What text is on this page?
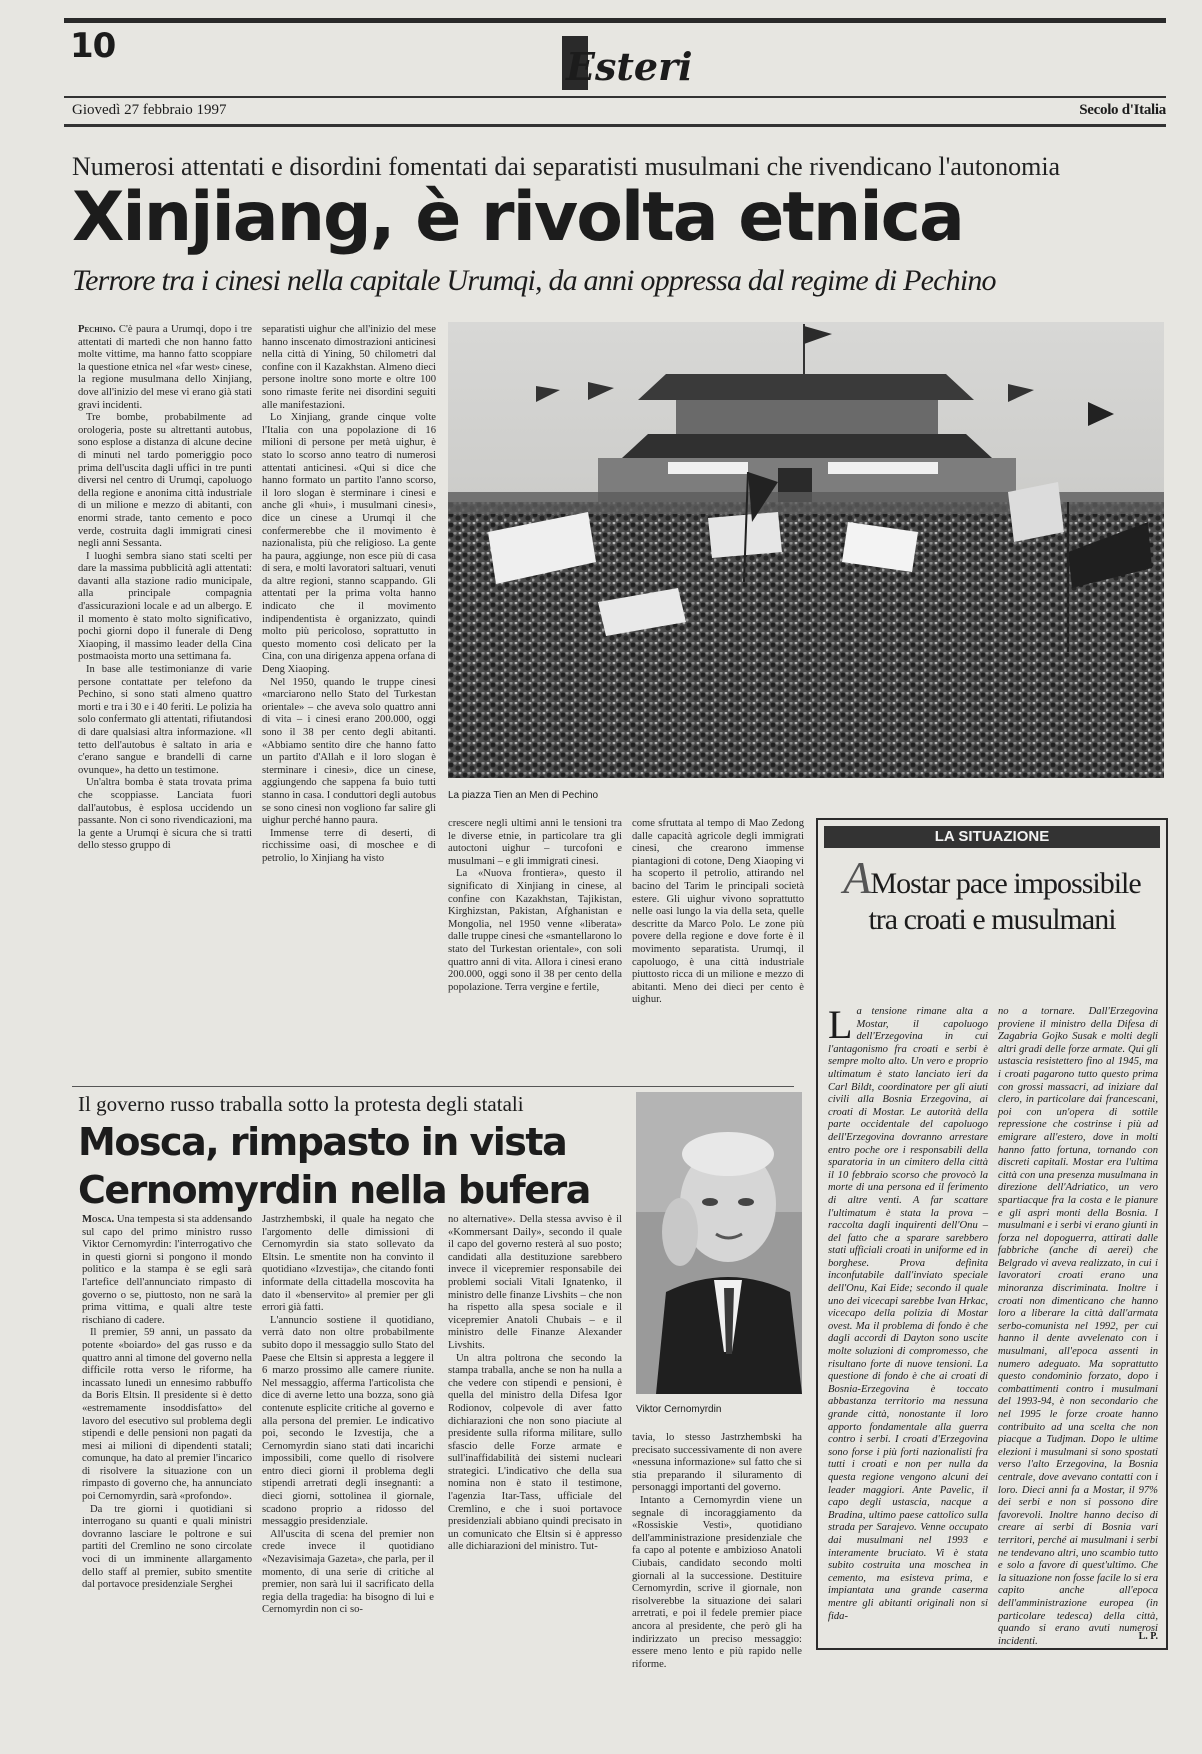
10	Esteri
Giovedì 27 febbraio 1997	Secolo d'Italia
Numerosi attentati e disordini fomentati dai separatisti musulmani che rivendicano l'autonomia
Xinjiang, è rivolta etnica
Terrore tra i cinesi nella capitale Urumqi, da anni oppressa dal regime di Pechino

Pechino. C'è paura a Urumqi, dopo i tre attentati di martedì che non hanno fatto molte vittime, ma hanno fatto scoppiare la questione etnica nel «far west» cinese, la regione musulmana dello Xinjiang, dove all'inizio del mese vi erano già stati gravi incidenti.

Tre bombe, probabilmente ad orologeria, poste su altrettanti autobus, sono esplose a distanza di alcune decine di minuti nel tardo pomeriggio poco prima dell'uscita dagli uffici in tre punti diversi nel centro di Urumqi, capoluogo della regione e anonima città industriale di un milione e mezzo di abitanti, con enormi strade, tanto cemento e poco verde, costruita dagli immigrati cinesi negli anni Sessanta.

I luoghi sembra siano stati scelti per dare la massima pubblicità agli attentati: davanti alla stazione radio municipale, alla principale compagnia d'assicurazioni locale e ad un albergo. E il momento è stato molto significativo, pochi giorni dopo il funerale di Deng Xiaoping, il massimo leader della Cina postmaoista morto una settimana fa.

In base alle testimonianze di varie persone contattate per telefono da Pechino, si sono stati almeno quattro morti e tra i 30 e i 40 feriti. Le polizia ha solo confermato gli attentati, rifiutandosi di dare qualsiasi altra informazione. «Il tetto dell'autobus è saltato in aria e c'erano sangue e brandelli di carne ovunque», ha detto un testimone.

Un'altra bomba è stata trovata prima che scoppiasse. Lanciata fuori dall'autobus, è esplosa uccidendo un passante. Non ci sono rivendicazioni, ma la gente a Urumqi è sicura che si tratti dello stesso gruppo di

separatisti uighur che all'inizio del mese hanno inscenato dimostrazioni anticinesi nella città di Yining, 50 chilometri dal confine con il Kazakhstan. Almeno dieci persone inoltre sono morte e oltre 100 sono rimaste ferite nei disordini seguiti alle manifestazioni.

Lo Xinjiang, grande cinque volte l'Italia con una popolazione di 16 milioni di persone per metà uighur, è stato lo scorso anno teatro di numerosi attentati anticinesi. «Qui si dice che hanno formato un partito l'anno scorso, il loro slogan è sterminare i cinesi e anche gli «hui», i musulmani cinesi», dice un cinese a Urumqi il che confermerebbe che il movimento è nazionalista, più che religioso. La gente ha paura, aggiunge, non esce più di casa di sera, e molti lavoratori saltuari, venuti da altre regioni, stanno scappando. Gli attentati per la prima volta hanno indicato che il movimento indipendentista è organizzato, quindi molto più pericoloso, soprattutto in questo momento così delicato per la Cina, con una dirigenza appena orfana di Deng Xiaoping.

Nel 1950, quando le truppe cinesi «marciarono nello Stato del Turkestan orientale» – che aveva solo quattro anni di vita – i cinesi erano 200.000, oggi sono il 38 per cento degli abitanti. «Abbiamo sentito dire che hanno fatto un partito d'Allah e il loro slogan è sterminare i cinesi», dice un cinese, aggiungendo che sappena fa buio tutti stanno in casa. I conduttori degli autobus se sono cinesi non vogliono far salire gli uighur perché hanno paura.

Immense terre di deserti, di ricchissime oasi, di moschee e di petrolio, lo Xinjiang ha visto

La piazza Tien an Men di Pechino

crescere negli ultimi anni le tensioni tra le diverse etnie, in particolare tra gli autoctoni uighur – turcofoni e musulmani – e gli immigrati cinesi.

La «Nuova frontiera», questo il significato di Xinjiang in cinese, al confine con Kazakhstan, Tajikistan, Kirghizstan, Pakistan, Afghanistan e Mongolia, nel 1950 venne «liberata» dalle truppe cinesi che «smantellarono lo stato del Turkestan orientale», con soli quattro anni di vita. Allora i cinesi erano 200.000, oggi sono il 38 per cento della popolazione. Terra vergine e fertile,

come sfruttata al tempo di Mao Zedong dalle capacità agricole degli immigrati cinesi, che crearono immense piantagioni di cotone, Deng Xiaoping vi ha scoperto il petrolio, attirando nel bacino del Tarim le principali società estere. Gli uighur vivono soprattutto nelle oasi lungo la via della seta, quelle descritte da Marco Polo. Le zone più povere della regione e dove forte è il movimento separatista. Urumqi, il capoluogo, è una città industriale piuttosto ricca di un milione e mezzo di abitanti. Meno dei dieci per cento è uighur.

LA SITUAZIONE
AMostar pace impossibile tra croati e musulmani

La tensione rimane alta a Mostar, il capoluogo dell'Erzegovina in cui l'antagonismo fra croati e serbi è sempre molto alto. Un vero e proprio ultimatum è stato lanciato ieri da Carl Bildt, coordinatore per gli aiuti civili alla Bosnia Erzegovina, ai croati di Mostar. Le autorità della parte occidentale del capoluogo dell'Erzegovina dovranno arrestare entro poche ore i responsabili della sparatoria in un cimitero della città il 10 febbraio scorso che provocò la morte di una persona ed il ferimento di altre venti. A far scattare l'ultimatum è stata la prova – raccolta dagli inquirenti dell'Onu – del fatto che a sparare sarebbero stati ufficiali croati in uniforme ed in borghese. Prova definita inconfutabile dall'inviato speciale dell'Onu, Kai Eide; secondo il quale uno dei vicecapi sarebbe Ivan Hrkac, vicecapo della polizia di Mostar ovest. Ma il problema di fondo è che dagli accordi di Dayton sono uscite molte soluzioni di compromesso, che risultano forte di nuove tensioni. La questione di fondo è che ai croati di Bosnia-Erzegovina è toccato abbastanza territorio ma nessuna grande città, nonostante il loro apporto fondamentale alla guerra contro i serbi. I croati d'Erzegovina sono forse i più forti nazionalisti fra tutti i croati e non per nulla da questa regione vengono alcuni dei leader maggiori. Ante Pavelic, il capo degli ustascia, nacque a Bradina, ultimo paese cattolico sulla strada per Sarajevo. Venne occupato dai musulmani nel 1993 e interamente bruciato. Vi è stata subito costruita una moschea in cemento, ma esisteva prima, e impiantata una grande caserma mentre gli abitanti originali non si fida-

no a tornare. Dall'Erzegovina proviene il ministro della Difesa di Zagabria Gojko Susak e molti degli altri gradi delle forze armate. Qui gli ustascia resistettero fino al 1945, ma i croati pagarono tutto questo prima con grossi massacri, ad iniziare dal clero, in particolare dai francescani, poi con un'opera di sottile repressione che costrinse i più ad emigrare all'estero, dove in molti hanno fatto fortuna, tornando con discreti capitali. Mostar era l'ultima città con una presenza musulmana in direzione dell'Adriatico, un vero spartiacque fra la costa e le pianure e gli aspri monti della Bosnia. I musulmani e i serbi vi erano giunti in forza nel dopoguerra, attirati dalle fabbriche (anche di aerei) che Belgrado vi aveva realizzato, in cui i lavoratori croati erano una minoranza discriminata. Inoltre i croati non dimenticano che hanno loro a liberare la città dall'armata serbo-comunista nel 1992, per cui hanno il dente avvelenato con i musulmani, all'epoca assenti in numero adeguato. Ma soprattutto questo condominio forzato, dopo i combattimenti contro i musulmani del 1993-94, è non secondario che nel 1995 le forze croate hanno contribuito ad una scelta che non piacque a Tudjman. Dopo le ultime elezioni i musulmani si sono spostati verso l'alto Erzegovina, la Bosnia centrale, dove avevano contatti con i loro. Dieci anni fa a Mostar, il 97% dei serbi e non si possono dire favorevoli. Inoltre hanno deciso di creare ai serbi di Bosnia vari territori, perché ai musulmani i serbi ne tendevano altri, uno scambio tutto e solo a favore di quest'ultimo. Che la situazione non fosse facile lo si era capito anche all'epoca dell'amministrazione europea (in particolare tedesca) della città, quando si erano avuti numerosi incidenti.	L. P.
Il governo russo traballa sotto la protesta degli statali
Mosca, rimpasto in vista
Cernomyrdin nella bufera
Viktor Cernomyrdin

Mosca. Una tempesta si sta addensando sul capo del primo ministro russo Viktor Cernomyrdin: l'interrogativo che in questi giorni si pongono il mondo politico e la stampa è se egli sarà l'artefice dell'annunciato rimpasto di governo o se, piuttosto, non ne sarà la prima vittima, e quali altre teste rischiano di cadere.

Il premier, 59 anni, un passato da potente «boiardo» del gas russo e da quattro anni al timone del governo nella difficile rotta verso le riforme, ha incassato lunedì un ennesimo rabbuffo da Boris Eltsin. Il presidente si è detto «estremamente insoddisfatto» del lavoro del esecutivo sul problema degli stipendi e delle pensioni non pagati da mesi ai milioni di dipendenti statali; comunque, ha dato al premier l'incarico di risolvere la situazione con un rimpasto di governo che, ha annunciato poi Cernomyrdin, sarà «profondo».

Da tre giorni i quotidiani si interrogano su quanti e quali ministri dovranno lasciare le poltrone e sui partiti del Cremlino ne sono circolate voci di un imminente allargamento dello staff al premier, subito smentite dal portavoce presidenziale Serghei

Jastrzhembski, il quale ha negato che l'argomento delle dimissioni di Cernomyrdin sia stato sollevato da Eltsin. Le smentite non ha convinto il quotidiano «Izvestija», che citando fonti informate della cittadella moscovita ha dato il «benservito» al premier per gli errori già fatti.

L'annuncio sostiene il quotidiano, verrà dato non oltre probabilmente subito dopo il messaggio sullo Stato del Paese che Eltsin si appresta a leggere il 6 marzo prossimo alle camere riunite. Nel messaggio, afferma l'articolista che dice di averne letto una bozza, sono già contenute esplicite critiche al governo e alla persona del premier. Le indicativo poi, secondo le Izvestija, che a Cernomyrdin siano stati dati incarichi impossibili, come quello di risolvere entro dieci giorni il problema degli stipendi arretrati degli insegnanti: a dieci giorni, sottolinea il giornale, scadono proprio a ridosso del messaggio presidenziale.

All'uscita di scena del premier non crede invece il quotidiano «Nezavisimaja Gazeta», che parla, per il momento, di una serie di critiche al premier, non sarà lui il sacrificato della regia della tragedia: ha bisogno di lui e Cernomyrdin non ci so-

no alternative». Della stessa avviso è il «Kommersant Daily», secondo il quale il capo del governo resterà al suo posto; candidati alla destituzione sarebbero invece il vicepremier responsabile dei problemi sociali Vitali Ignatenko, il ministro delle finanze Livshits – che non ha rispetto alla spesa sociale e il vicepremier Anatoli Chubais – e il ministro delle Finanze Alexander Livshits.

Un altra poltrona che secondo la stampa traballa, anche se non ha nulla a che vedere con stipendi e pensioni, è quella del ministro della Difesa Igor Rodionov, colpevole di aver fatto dichiarazioni che non sono piaciute al presidente sulla riforma militare, sullo sfascio delle Forze armate e sull'inaffidabilità dei sistemi nucleari strategici. L'indicativo che della sua nomina non è stato il testimone, l'agenzia Itar-Tass, ufficiale del Cremlino, e che i suoi portavoce presidenziali abbiano quindi precisato in un comunicato che Eltsin si è appresso alle dichiarazioni del ministro. Tut-

tavia, lo stesso Jastrzhembski ha precisato successivamente di non avere «nessuna informazione» sul fatto che si stia preparando il siluramento di personaggi importanti del governo.

Intanto a Cernomyrdin viene un segnale di incoraggiamento da «Rossiskie Vesti», quotidiano dell'amministrazione presidenziale che fa capo al potente e ambizioso Anatoli Ciubais, candidato secondo molti giornali al la successione. Destituire Cernomyrdin, scrive il giornale, non risolverebbe la situazione dei salari arretrati, e poi il fedele premier piace ancora al presidente, che però gli ha indirizzato un preciso messaggio: essere meno lento e più rapido nelle riforme.
